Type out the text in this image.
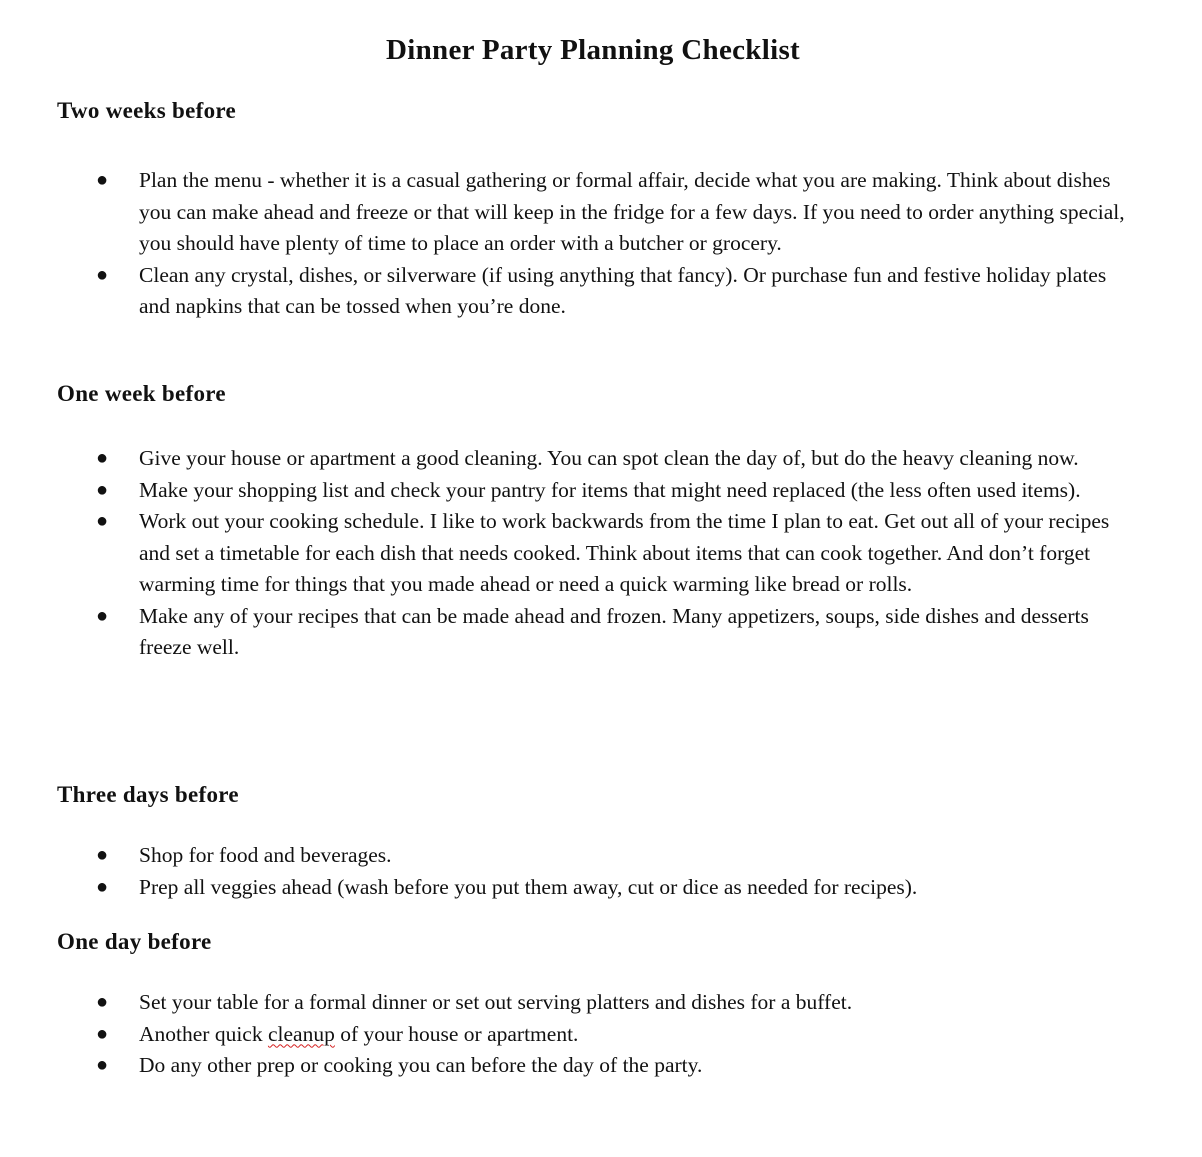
Dinner Party Planning Checklist
Two weeks before
● Plan the menu - whether it is a casual gathering or formal affair, decide what you are making. Think about dishes you can make ahead and freeze or that will keep in the fridge for a few days. If you need to order anything special, you should have plenty of time to place an order with a butcher or grocery.
● Clean any crystal, dishes, or silverware (if using anything that fancy). Or purchase fun and festive holiday plates and napkins that can be tossed when you’re done.
One week before
● Give your house or apartment a good cleaning. You can spot clean the day of, but do the heavy cleaning now.
● Make your shopping list and check your pantry for items that might need replaced (the less often used items).
● Work out your cooking schedule. I like to work backwards from the time I plan to eat. Get out all of your recipes and set a timetable for each dish that needs cooked. Think about items that can cook together. And don’t forget warming time for things that you made ahead or need a quick warming like bread or rolls.
● Make any of your recipes that can be made ahead and frozen. Many appetizers, soups, side dishes and desserts freeze well.
Three days before
● Shop for food and beverages.
● Prep all veggies ahead (wash before you put them away, cut or dice as needed for recipes).
One day before
● Set your table for a formal dinner or set out serving platters and dishes for a buffet.
● Another quick cleanup of your house or apartment.
● Do any other prep or cooking you can before the day of the party.
